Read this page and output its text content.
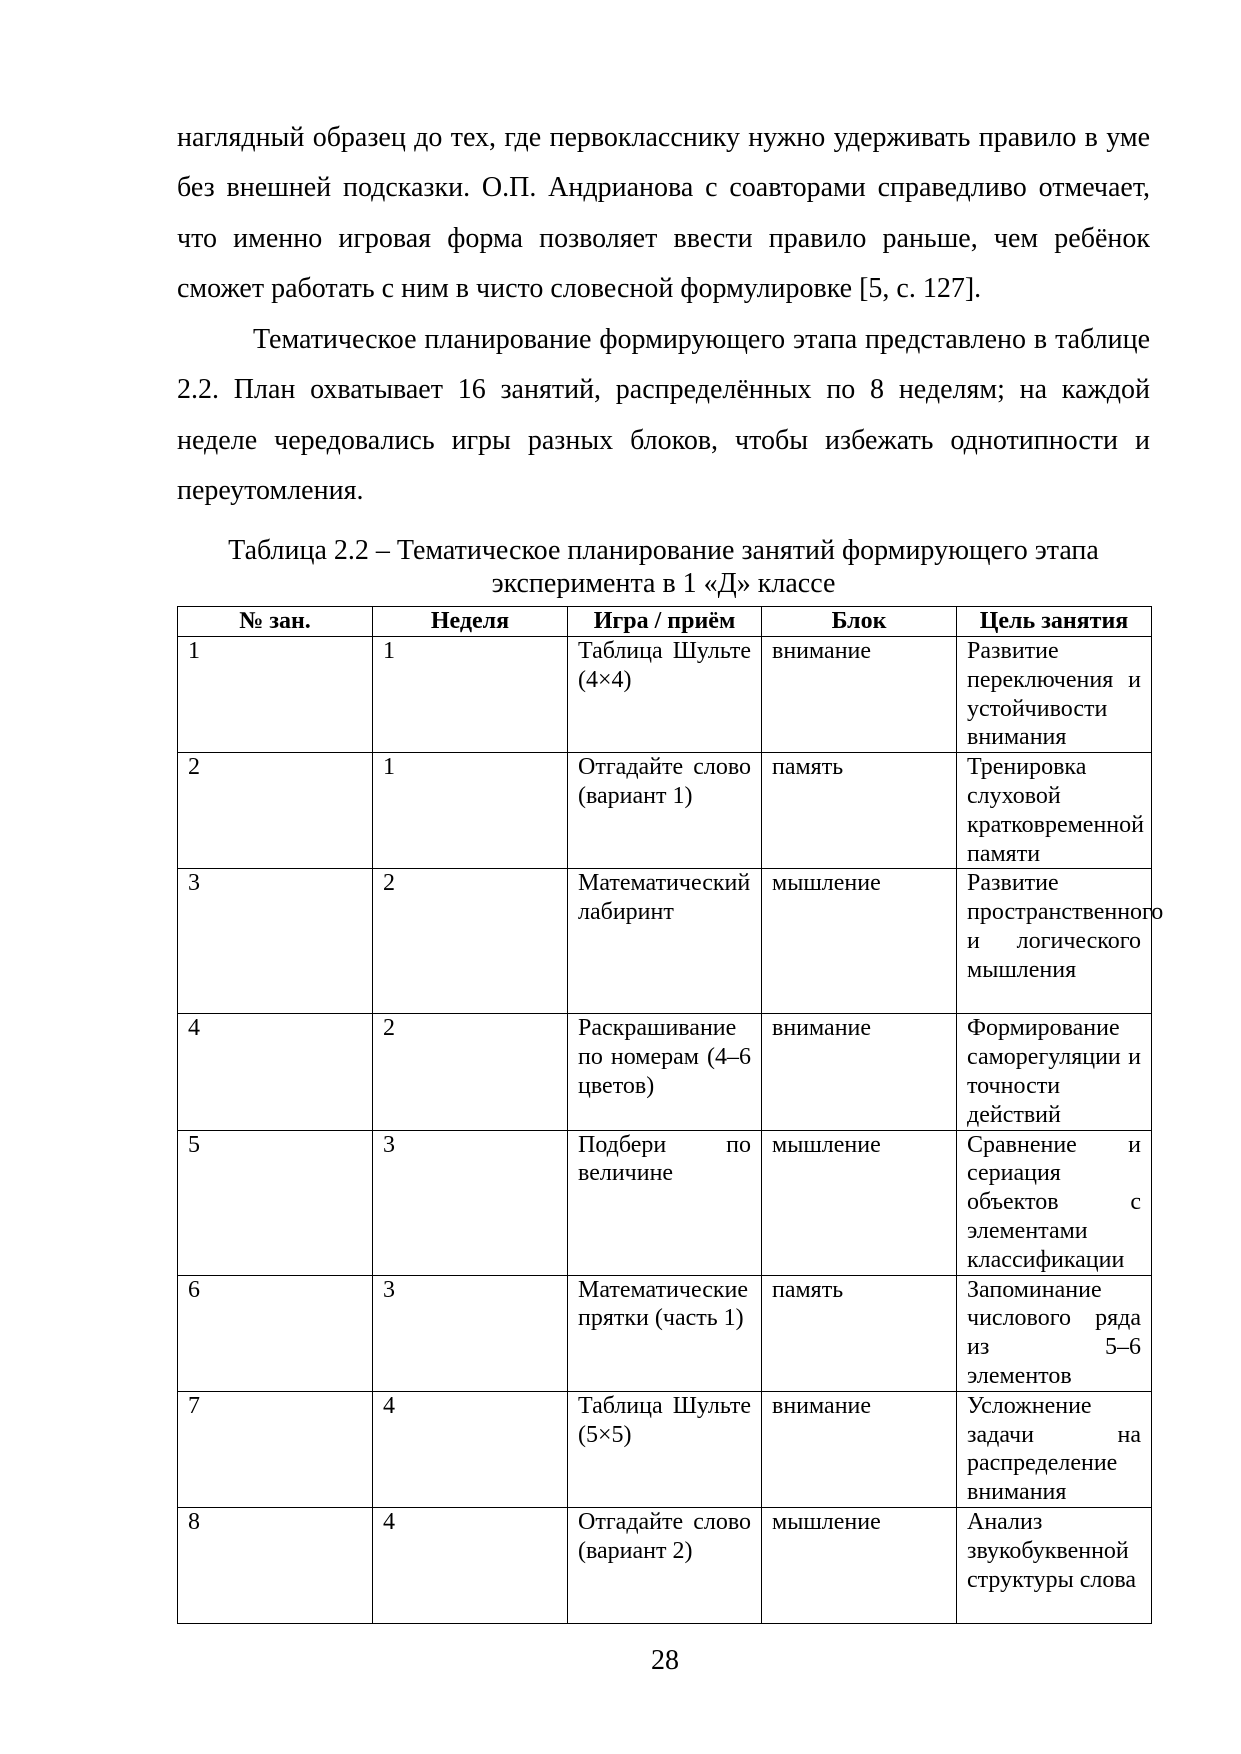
наглядный образец до тех, где первокласснику нужно удерживать правило в уме без внешней подсказки. О.П. Андрианова с соавторами справедливо отмечает, что именно игровая форма позволяет ввести правило раньше, чем ребёнок сможет работать с ним в чисто словесной формулировке [5, с. 127].

Тематическое планирование формирующего этапа представлено в таблице 2.2. План охватывает 16 занятий, распределённых по 8 неделям; на каждой неделе чередовались игры разных блоков, чтобы избежать однотипности и переутомления.

Таблица 2.2 – Тематическое планирование занятий формирующего этапа эксперимента в 1 «Д» классе
№ зан.	Неделя	Игра / приём	Блок	Цель занятия
1	1	Таблица Шульте (4×4)	внимание	Развитие переключения и устойчивости внимания
2	1	Отгадайте слово (вариант 1)	память	Тренировка слуховой кратковременной памяти
3	2	Математический лабиринт	мышление	Развитие пространственного и логического мышления
4	2	Раскрашивание по номерам (4–6 цветов)	внимание	Формирование саморегуляции и точности действий
5	3	Подбери по величине	мышление	Сравнение и сериация объектов с элементами классификации
6	3	Математические прятки (часть 1)	память	Запоминание числового ряда из 5–6 элементов
7	4	Таблица Шульте (5×5)	внимание	Усложнение задачи на распределение внимания
8	4	Отгадайте слово (вариант 2)	мышление	Анализ звукобуквенной структуры слова
28
